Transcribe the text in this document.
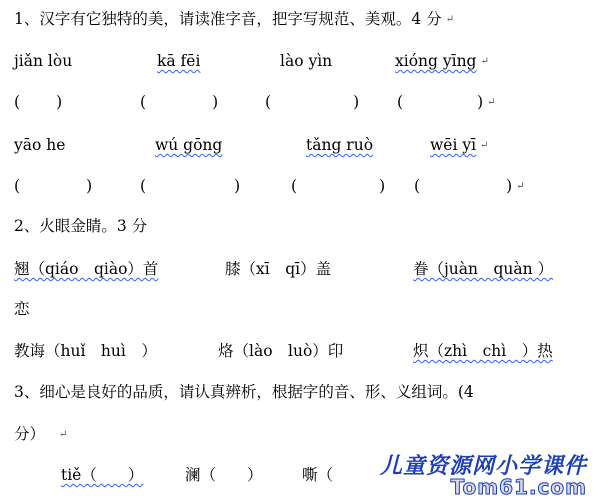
1、汉字有它独特的美，请读准字音，把字写规范、美观。4 分 ↵
jiǎn lòu	kā fēi	lào yìn	xióng yīng ↵
( )	(	)	(	) (	) ↵
yāo he	wú gōng	tǎng ruò	wēi yī ↵
(	)	(	)	(	) (	) ↵
2、火眼金睛。3 分
翘（qiáo　qiào）首	膝（xī　qī）盖	眷（juàn　quàn ）
恋
教诲（huǐ　huì　）	烙（lào　luò）印	炽（zhì　chì　）热
3、细心是良好的品质，请认真辨析，根据字的音、形、义组词。(4
分） ↵
tiě（　　）	澜（　　）	嘶（　 儿童资源网小学课件
Tom61.com
